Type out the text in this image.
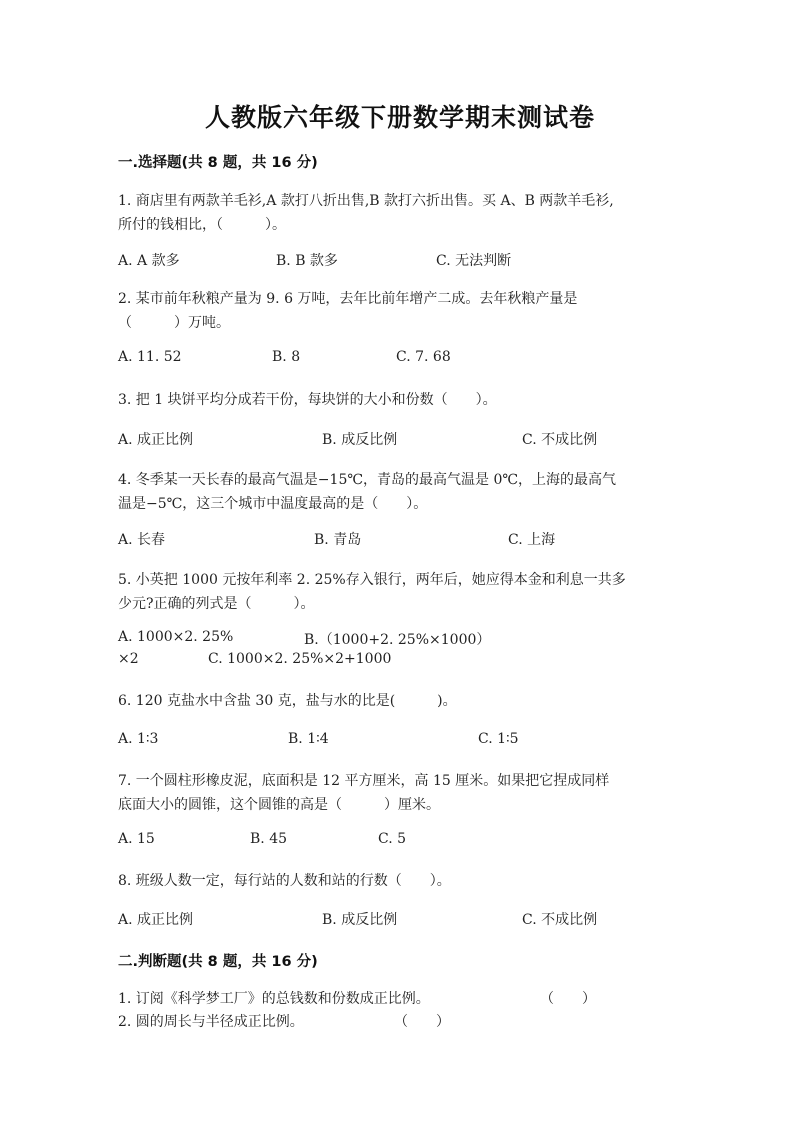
人教版六年级下册数学期末测试卷
一.选择题(共 8 题，共 16 分)
1. 商店里有两款羊毛衫,A 款打八折出售,B 款打六折出售。买 A、B 两款羊毛衫,
所付的钱相比，（　　　）。
A. A 款多	B. B 款多	C. 无法判断
2. 某市前年秋粮产量为 9. 6 万吨，去年比前年增产二成。去年秋粮产量是
（　　　）万吨。
A. 11. 52	B. 8	C. 7. 68
3. 把 1 块饼平均分成若干份，每块饼的大小和份数（　　）。
A. 成正比例	B. 成反比例	C. 不成比例
4. 冬季某一天长春的最高气温是−15℃，青岛的最高气温是 0℃，上海的最高气
温是−5℃，这三个城市中温度最高的是（　　）。
A. 长春	B. 青岛	C. 上海
5. 小英把 1000 元按年利率 2. 25%存入银行，两年后，她应得本金和利息一共多
少元?正确的列式是（　　　）。
A. 1000×2. 25%	B.（1000+2. 25%×1000）
×2	C. 1000×2. 25%×2+1000
6. 120 克盐水中含盐 30 克，盐与水的比是(　　　)。
A. 1∶3	B. 1∶4	C. 1∶5
7. 一个圆柱形橡皮泥，底面积是 12 平方厘米，高 15 厘米。如果把它捏成同样
底面大小的圆锥，这个圆锥的高是（　　　）厘米。
A. 15	B. 45	C. 5
8. 班级人数一定，每行站的人数和站的行数（　　）。
A. 成正比例	B. 成反比例	C. 不成比例
二.判断题(共 8 题，共 16 分)
1. 订阅《科学梦工厂》的总钱数和份数成正比例。	（　　）
2. 圆的周长与半径成正比例。	（　　）
